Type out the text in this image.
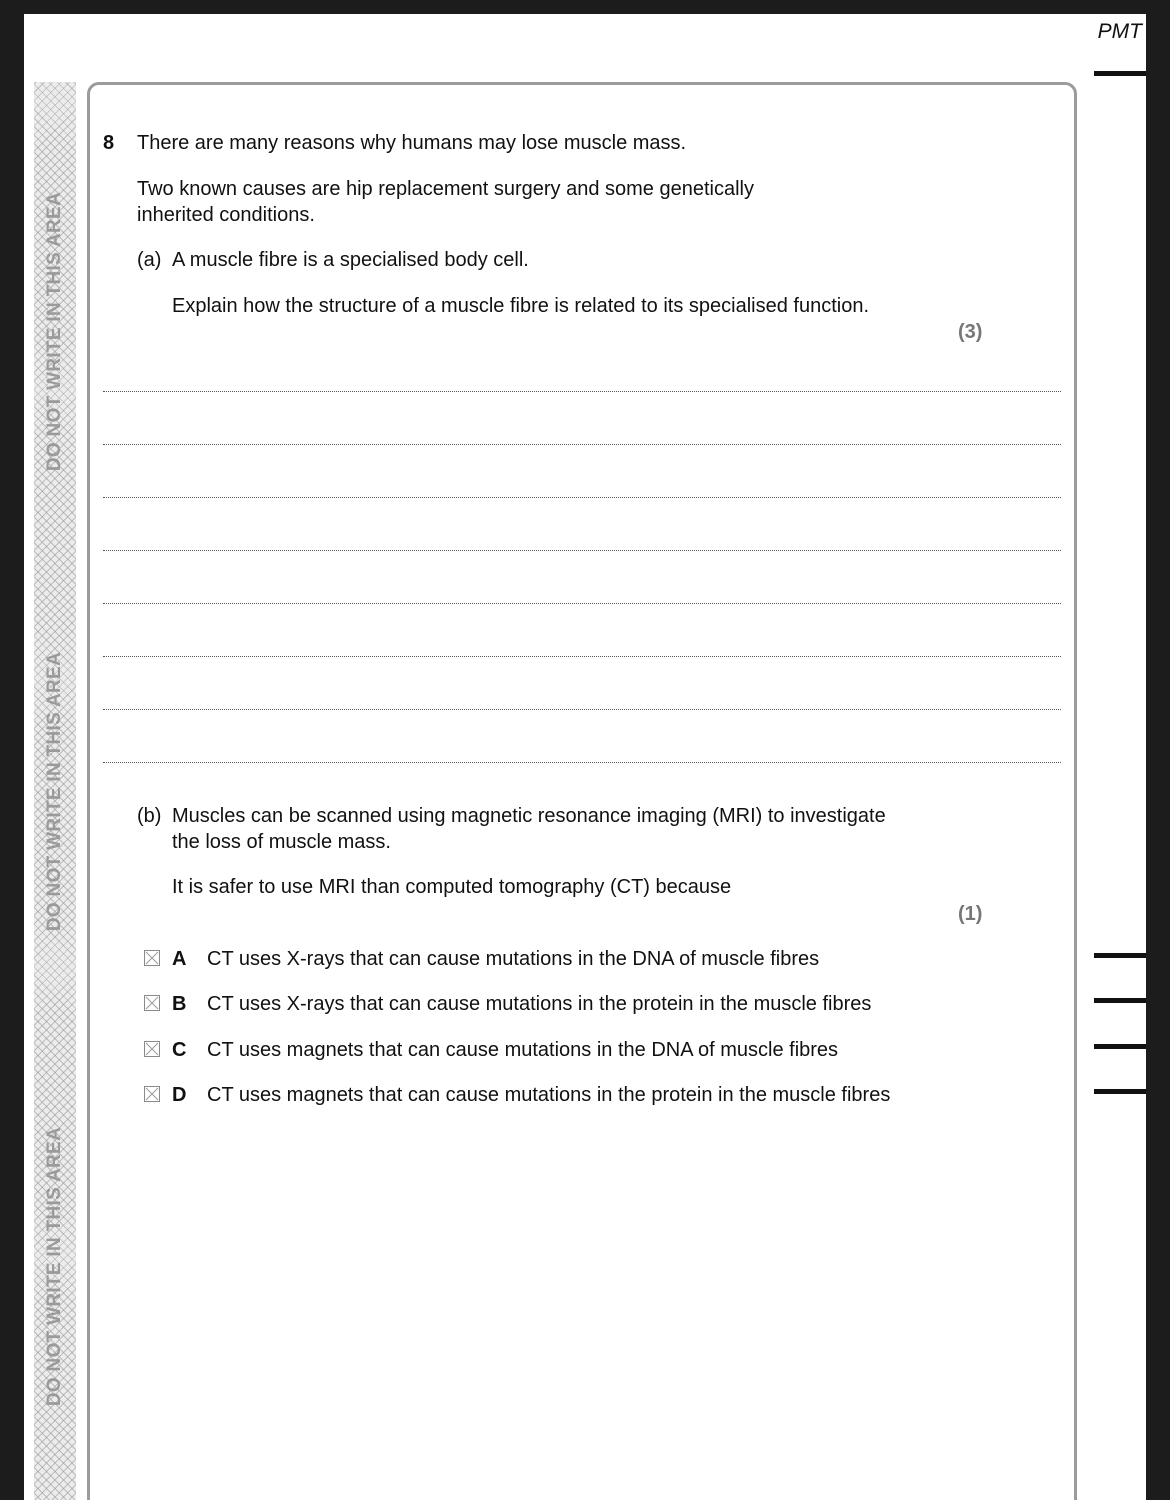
PMT
DO NOT WRITE IN THIS AREA
DO NOT WRITE IN THIS AREA
DO NOT WRITE IN THIS AREA
8 There are many reasons why humans may lose muscle mass.
Two known causes are hip replacement surgery and some genetically
inherited conditions.
(a) A muscle fibre is a specialised body cell.
Explain how the structure of a muscle fibre is related to its specialised function.
(3)
(b) Muscles can be scanned using magnetic resonance imaging (MRI) to investigate
the loss of muscle mass.
It is safer to use MRI than computed tomography (CT) because
(1)
A CT uses X-rays that can cause mutations in the DNA of muscle fibres
B CT uses X-rays that can cause mutations in the protein in the muscle fibres
C CT uses magnets that can cause mutations in the DNA of muscle fibres
D CT uses magnets that can cause mutations in the protein in the muscle fibres
